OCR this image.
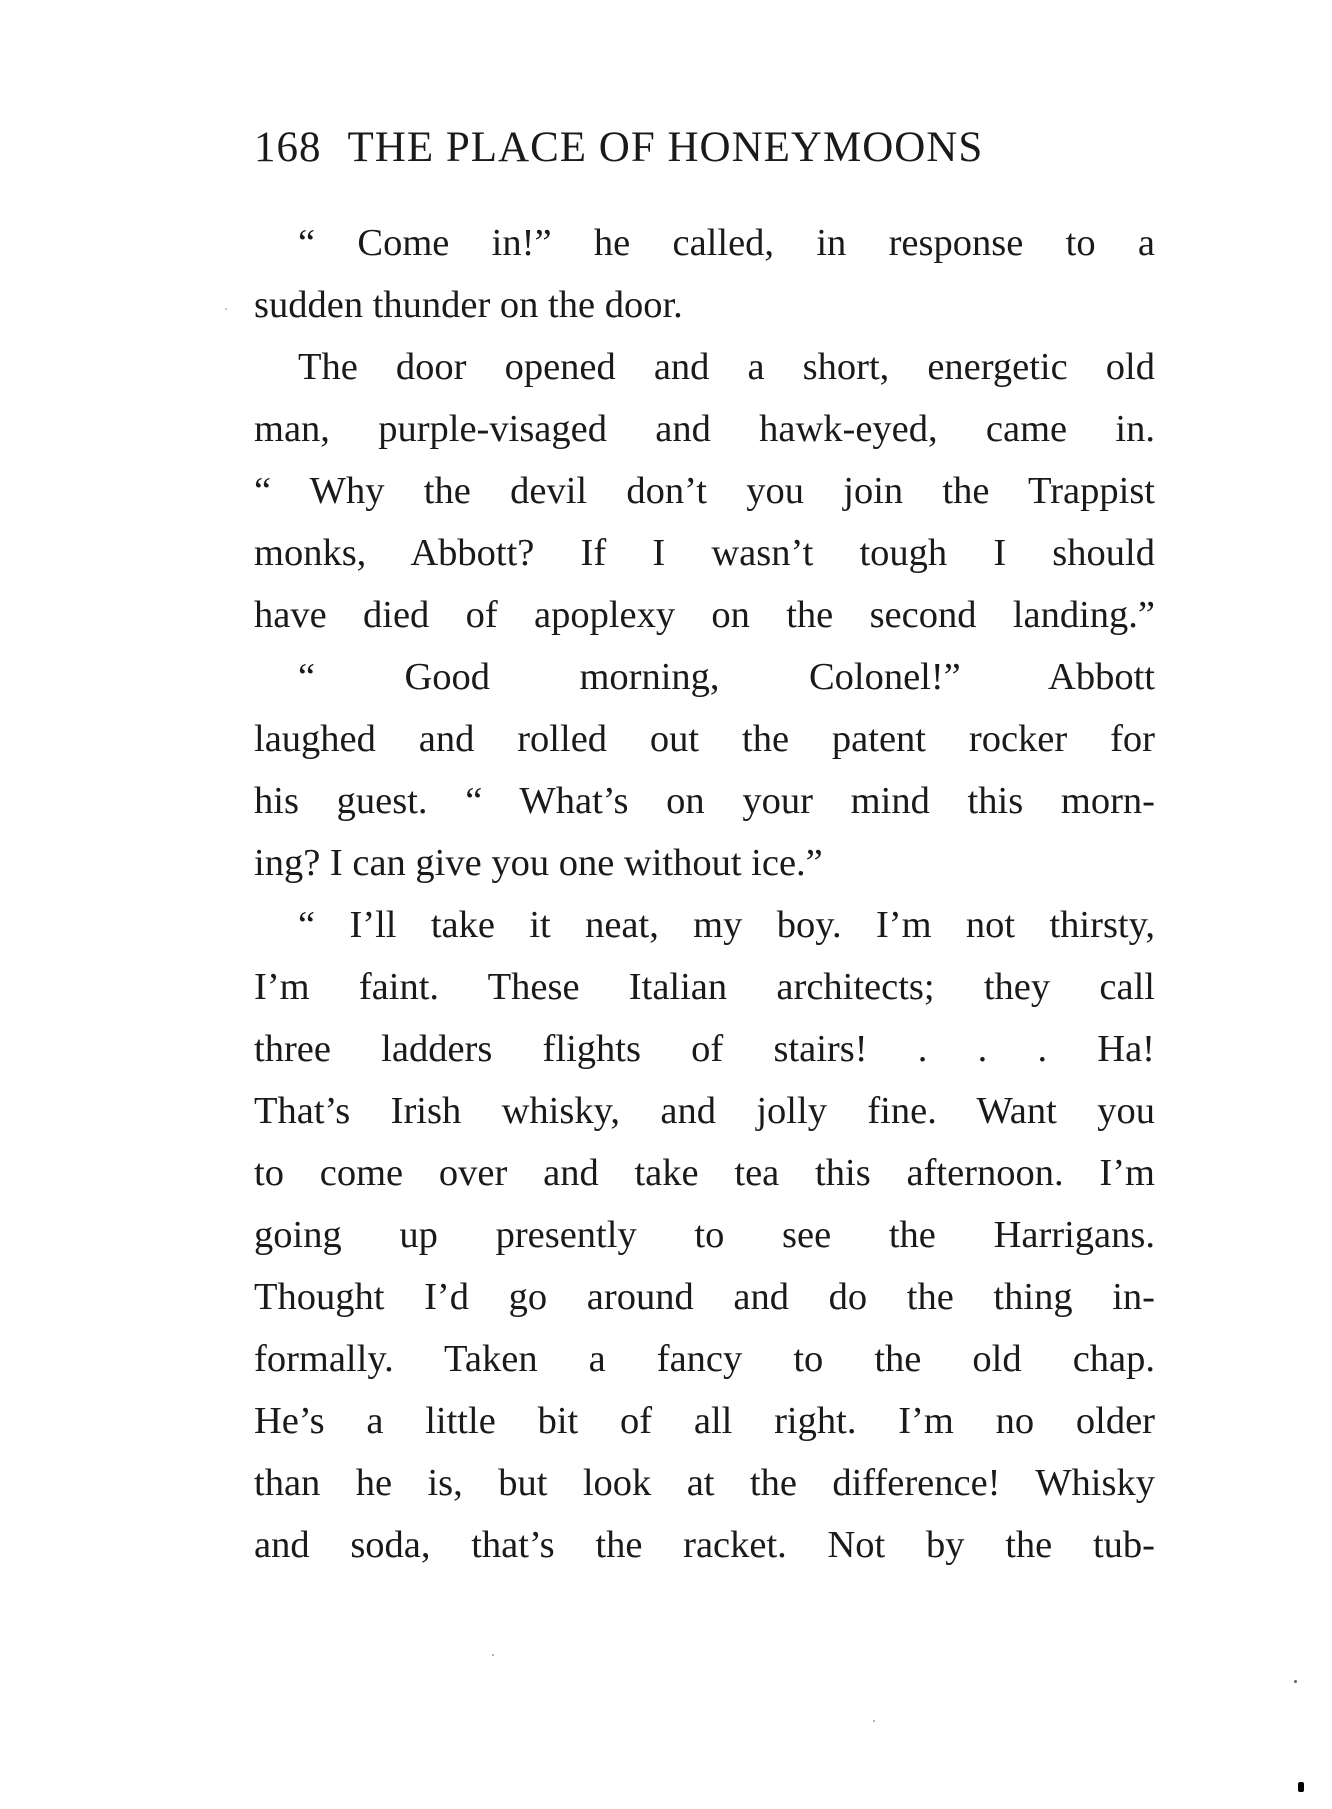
168 THE PLACE OF HONEYMOONS
“ Come in!” he called, in response to a
sudden thunder on the door.
The door opened and a short, energetic old
man, purple-visaged and hawk-eyed, came in.
“ Why the devil don’t you join the Trappist
monks, Abbott? If I wasn’t tough I should
have died of apoplexy on the second landing.”
“ Good morning, Colonel!” Abbott
laughed and rolled out the patent rocker for
his guest. “ What’s on your mind this morn-
ing? I can give you one without ice.”
“ I’ll take it neat, my boy. I’m not thirsty,
I’m faint. These Italian architects; they call
three ladders flights of stairs! . . . Ha!
That’s Irish whisky, and jolly fine. Want you
to come over and take tea this afternoon. I’m
going up presently to see the Harrigans.
Thought I’d go around and do the thing in-
formally. Taken a fancy to the old chap.
He’s a little bit of all right. I’m no older
than he is, but look at the difference! Whisky
and soda, that’s the racket. Not by the tub-
